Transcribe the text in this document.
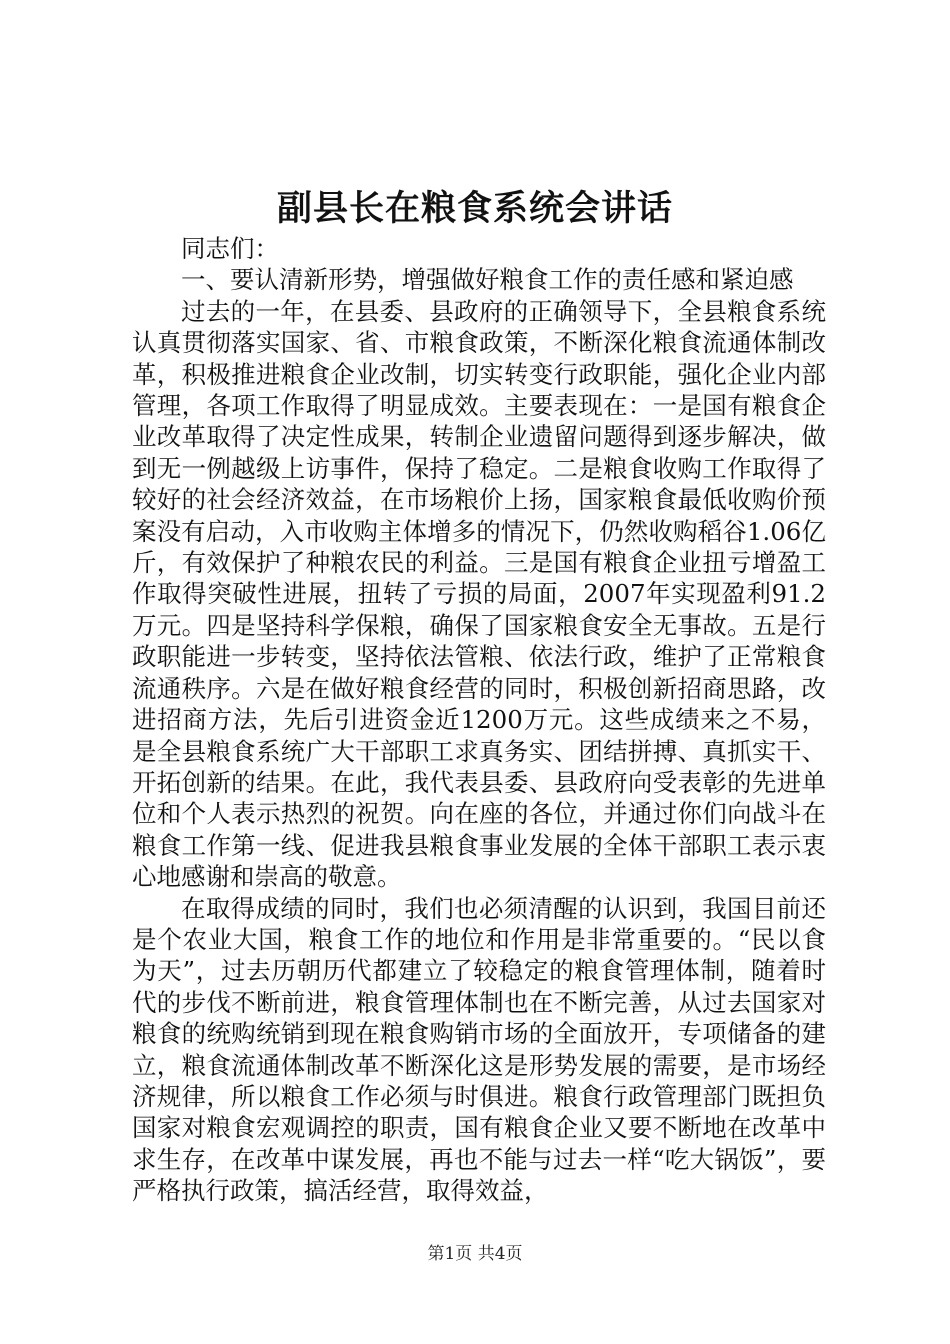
副县长在粮食系统会讲话

同志们：

一、要认清新形势，增强做好粮食工作的责任感和紧迫感

过去的一年，在县委、县政府的正确领导下，全县粮食系统认真贯彻落实国家、省、市粮食政策，不断深化粮食流通体制改革，积极推进粮食企业改制，切实转变行政职能，强化企业内部管理，各项工作取得了明显成效。主要表现在：一是国有粮食企业改革取得了决定性成果，转制企业遗留问题得到逐步解决，做到无一例越级上访事件，保持了稳定。二是粮食收购工作取得了较好的社会经济效益，在市场粮价上扬，国家粮食最低收购价预案没有启动，入市收购主体增多的情况下，仍然收购稻谷1.06亿斤，有效保护了种粮农民的利益。三是国有粮食企业扭亏增盈工作取得突破性进展，扭转了亏损的局面，2007年实现盈利91.2万元。四是坚持科学保粮，确保了国家粮食安全无事故。五是行政职能进一步转变，坚持依法管粮、依法行政，维护了正常粮食流通秩序。六是在做好粮食经营的同时，积极创新招商思路，改进招商方法，先后引进资金近1200万元。这些成绩来之不易，是全县粮食系统广大干部职工求真务实、团结拼搏、真抓实干、开拓创新的结果。在此，我代表县委、县政府向受表彰的先进单位和个人表示热烈的祝贺。向在座的各位，并通过你们向战斗在粮食工作第一线、促进我县粮食事业发展的全体干部职工表示衷心地感谢和崇高的敬意。

在取得成绩的同时，我们也必须清醒的认识到，我国目前还是个农业大国，粮食工作的地位和作用是非常重要的。“民以食为天”，过去历朝历代都建立了较稳定的粮食管理体制，随着时代的步伐不断前进，粮食管理体制也在不断完善，从过去国家对粮食的统购统销到现在粮食购销市场的全面放开，专项储备的建立，粮食流通体制改革不断深化这是形势发展的需要，是市场经济规律，所以粮食工作必须与时俱进。粮食行政管理部门既担负国家对粮食宏观调控的职责，国有粮食企业又要不断地在改革中求生存，在改革中谋发展，再也不能与过去一样“吃大锅饭”，要严格执行政策，搞活经营，取得效益，

第1页 共4页
